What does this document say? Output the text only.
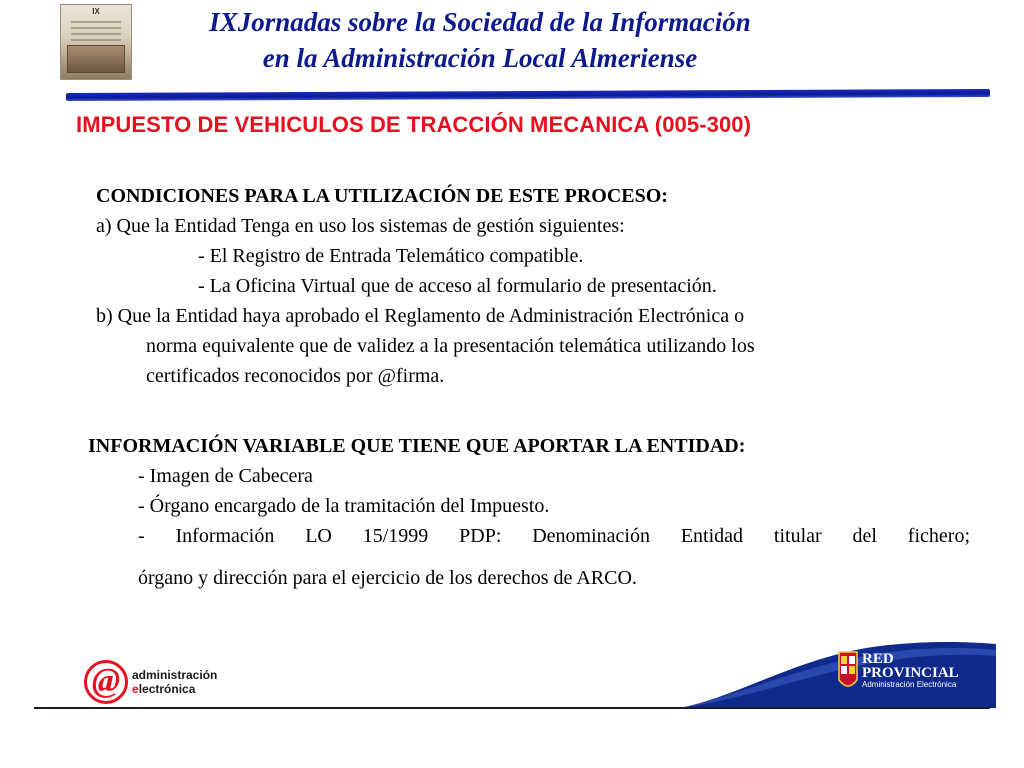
IX	IXJornadas sobre la Sociedad de la Información
en la Administración Local Almeriense
IMPUESTO DE VEHICULOS DE TRACCIÓN MECANICA (005-300)
CONDICIONES PARA LA UTILIZACIÓN DE ESTE PROCESO:
a) Que la Entidad Tenga en uso los sistemas de gestión siguientes:
- El Registro de Entrada Telemático compatible.
- La Oficina Virtual que de acceso al formulario de presentación.
b) Que la Entidad haya aprobado el Reglamento de Administración Electrónica o
norma equivalente que de validez a la presentación telemática utilizando los
certificados reconocidos por @firma.
INFORMACIÓN VARIABLE QUE TIENE QUE APORTAR LA ENTIDAD:
- Imagen de Cabecera
- Órgano encargado de la tramitación del Impuesto.
- Información LO 15/1999 PDP: Denominación Entidad titular del fichero;
órgano y dirección para el ejercicio de los derechos de ARCO.
RED
PROVINCIAL
Administración Electrónica
@ administración
electrónica
